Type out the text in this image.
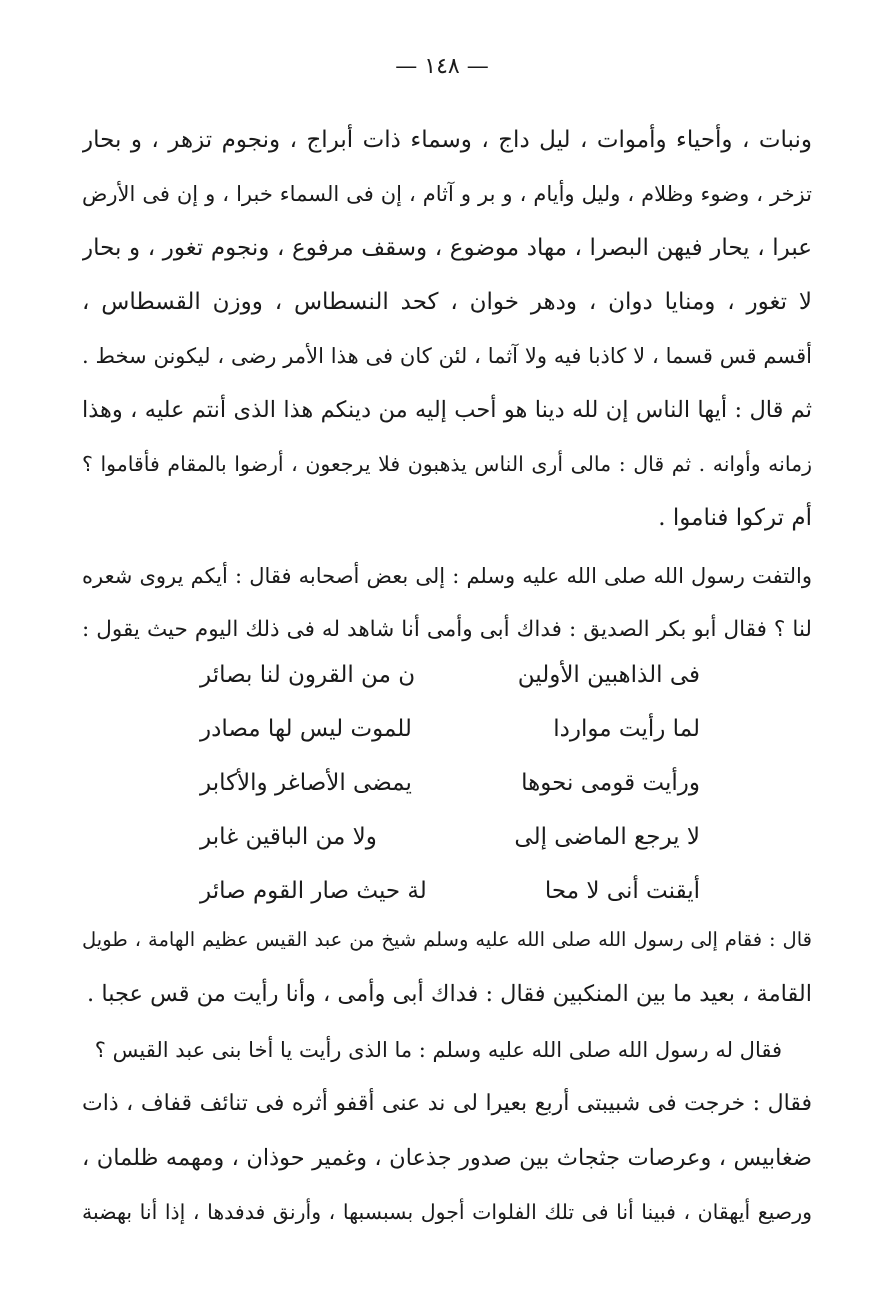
— ١٤٨ —
ونبات ، وأحياء وأموات ، ليل داج ، وسماء ذات أبراج ، ونجوم تزهر ، و بحار
تزخر ، وضوء وظلام ، وليل وأيام ، و بر و آثام ، إن فى السماء خبرا ، و إن فى الأرض
عبرا ، يحار فيهن البصرا ، مهاد موضوع ، وسقف مرفوع ، ونجوم تغور ، و بحار
لا تغور ، ومنايا دوان ، ودهر خوان ، كحد النسطاس ، ووزن القسطاس ،
أقسم قس قسما ، لا كاذبا فيه ولا آثما ، لئن كان فى هذا الأمر رضى ، ليكونن سخط .
ثم قال : أيها الناس إن لله دينا هو أحب إليه من دينكم هذا الذى أنتم عليه ، وهذا
زمانه وأوانه . ثم قال : مالى أرى الناس يذهبون فلا يرجعون ، أرضوا بالمقام فأقاموا ؟
أم تركوا فناموا .
والتفت رسول الله صلى الله عليه وسلم : إلى بعض أصحابه فقال : أيكم يروى شعره
لنا ؟ فقال أبو بكر الصديق : فداك أبى وأمى أنا شاهد له فى ذلك اليوم حيث يقول :
فى الذاهبين الأولين
ن من القرون لنا بصائر
لما رأيت مواردا
للموت ليس لها مصادر
ورأيت قومى نحوها
يمضى الأصاغر والأكابر
لا يرجع الماضى إلى
ولا من الباقين غابر
أيقنت أنى لا محا
لة حيث صار القوم صائر
قال : فقام إلى رسول الله صلى الله عليه وسلم شيخ من عبد القيس عظيم الهامة ، طويل
القامة ، بعيد ما بين المنكبين فقال : فداك أبى وأمى ، وأنا رأيت من قس عجبا .
فقال له رسول الله صلى الله عليه وسلم : ما الذى رأيت يا أخا بنى عبد القيس ؟
فقال : خرجت فى شبيبتى أربع بعيرا لى ند عنى أقفو أثره فى تنائف قفاف ، ذات
ضغابيس ، وعرصات جثجاث بين صدور جذعان ، وغمير حوذان ، ومهمه ظلمان ،
ورصيع أيهقان ، فبينا أنا فى تلك الفلوات أجول بسبسبها ، وأرنق فدفدها ، إذا أنا بهضبة
